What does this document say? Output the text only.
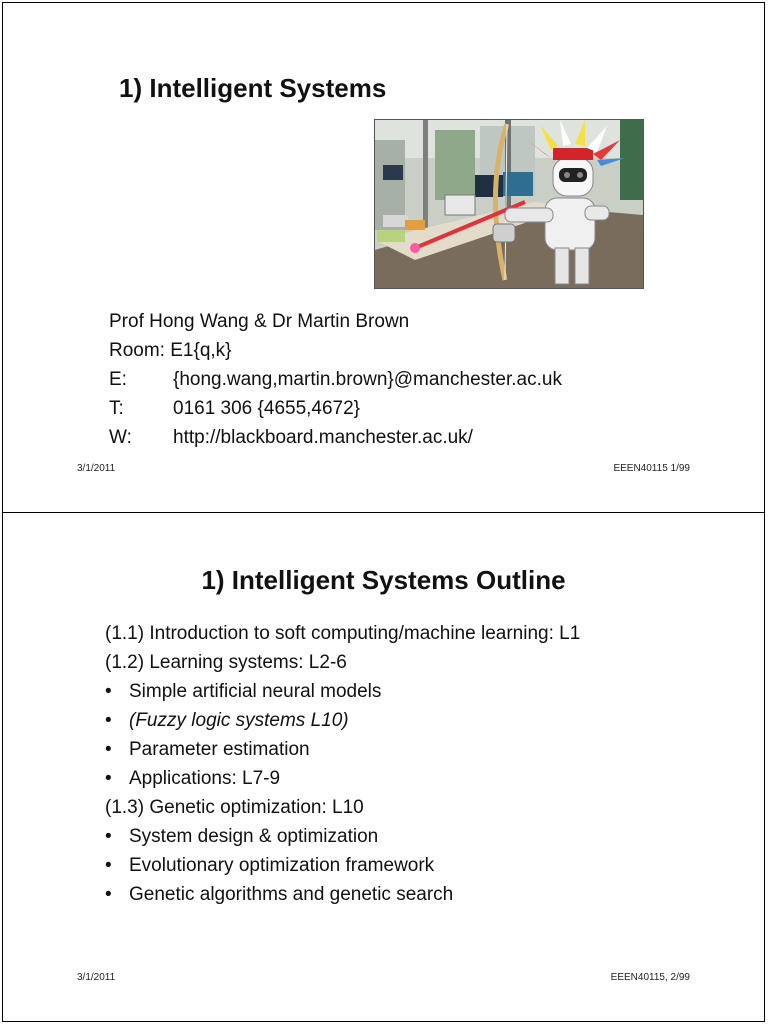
1) Intelligent Systems
Prof Hong Wang & Dr Martin Brown
Room: E1{q,k}
E:	{hong.wang,martin.brown}@manchester.ac.uk
T:	0161 306 {4655,4672}
W:	http://blackboard.manchester.ac.uk/
3/1/2011	EEEN40115 1/99
1) Intelligent Systems Outline
(1.1) Introduction to soft computing/machine learning: L1
(1.2) Learning systems: L2-6
• Simple artificial neural models
• (Fuzzy logic systems L10)
• Parameter estimation
• Applications: L7-9
(1.3) Genetic optimization: L10
• System design & optimization
• Evolutionary optimization framework
• Genetic algorithms and genetic search
3/1/2011	EEEN40115, 2/99
